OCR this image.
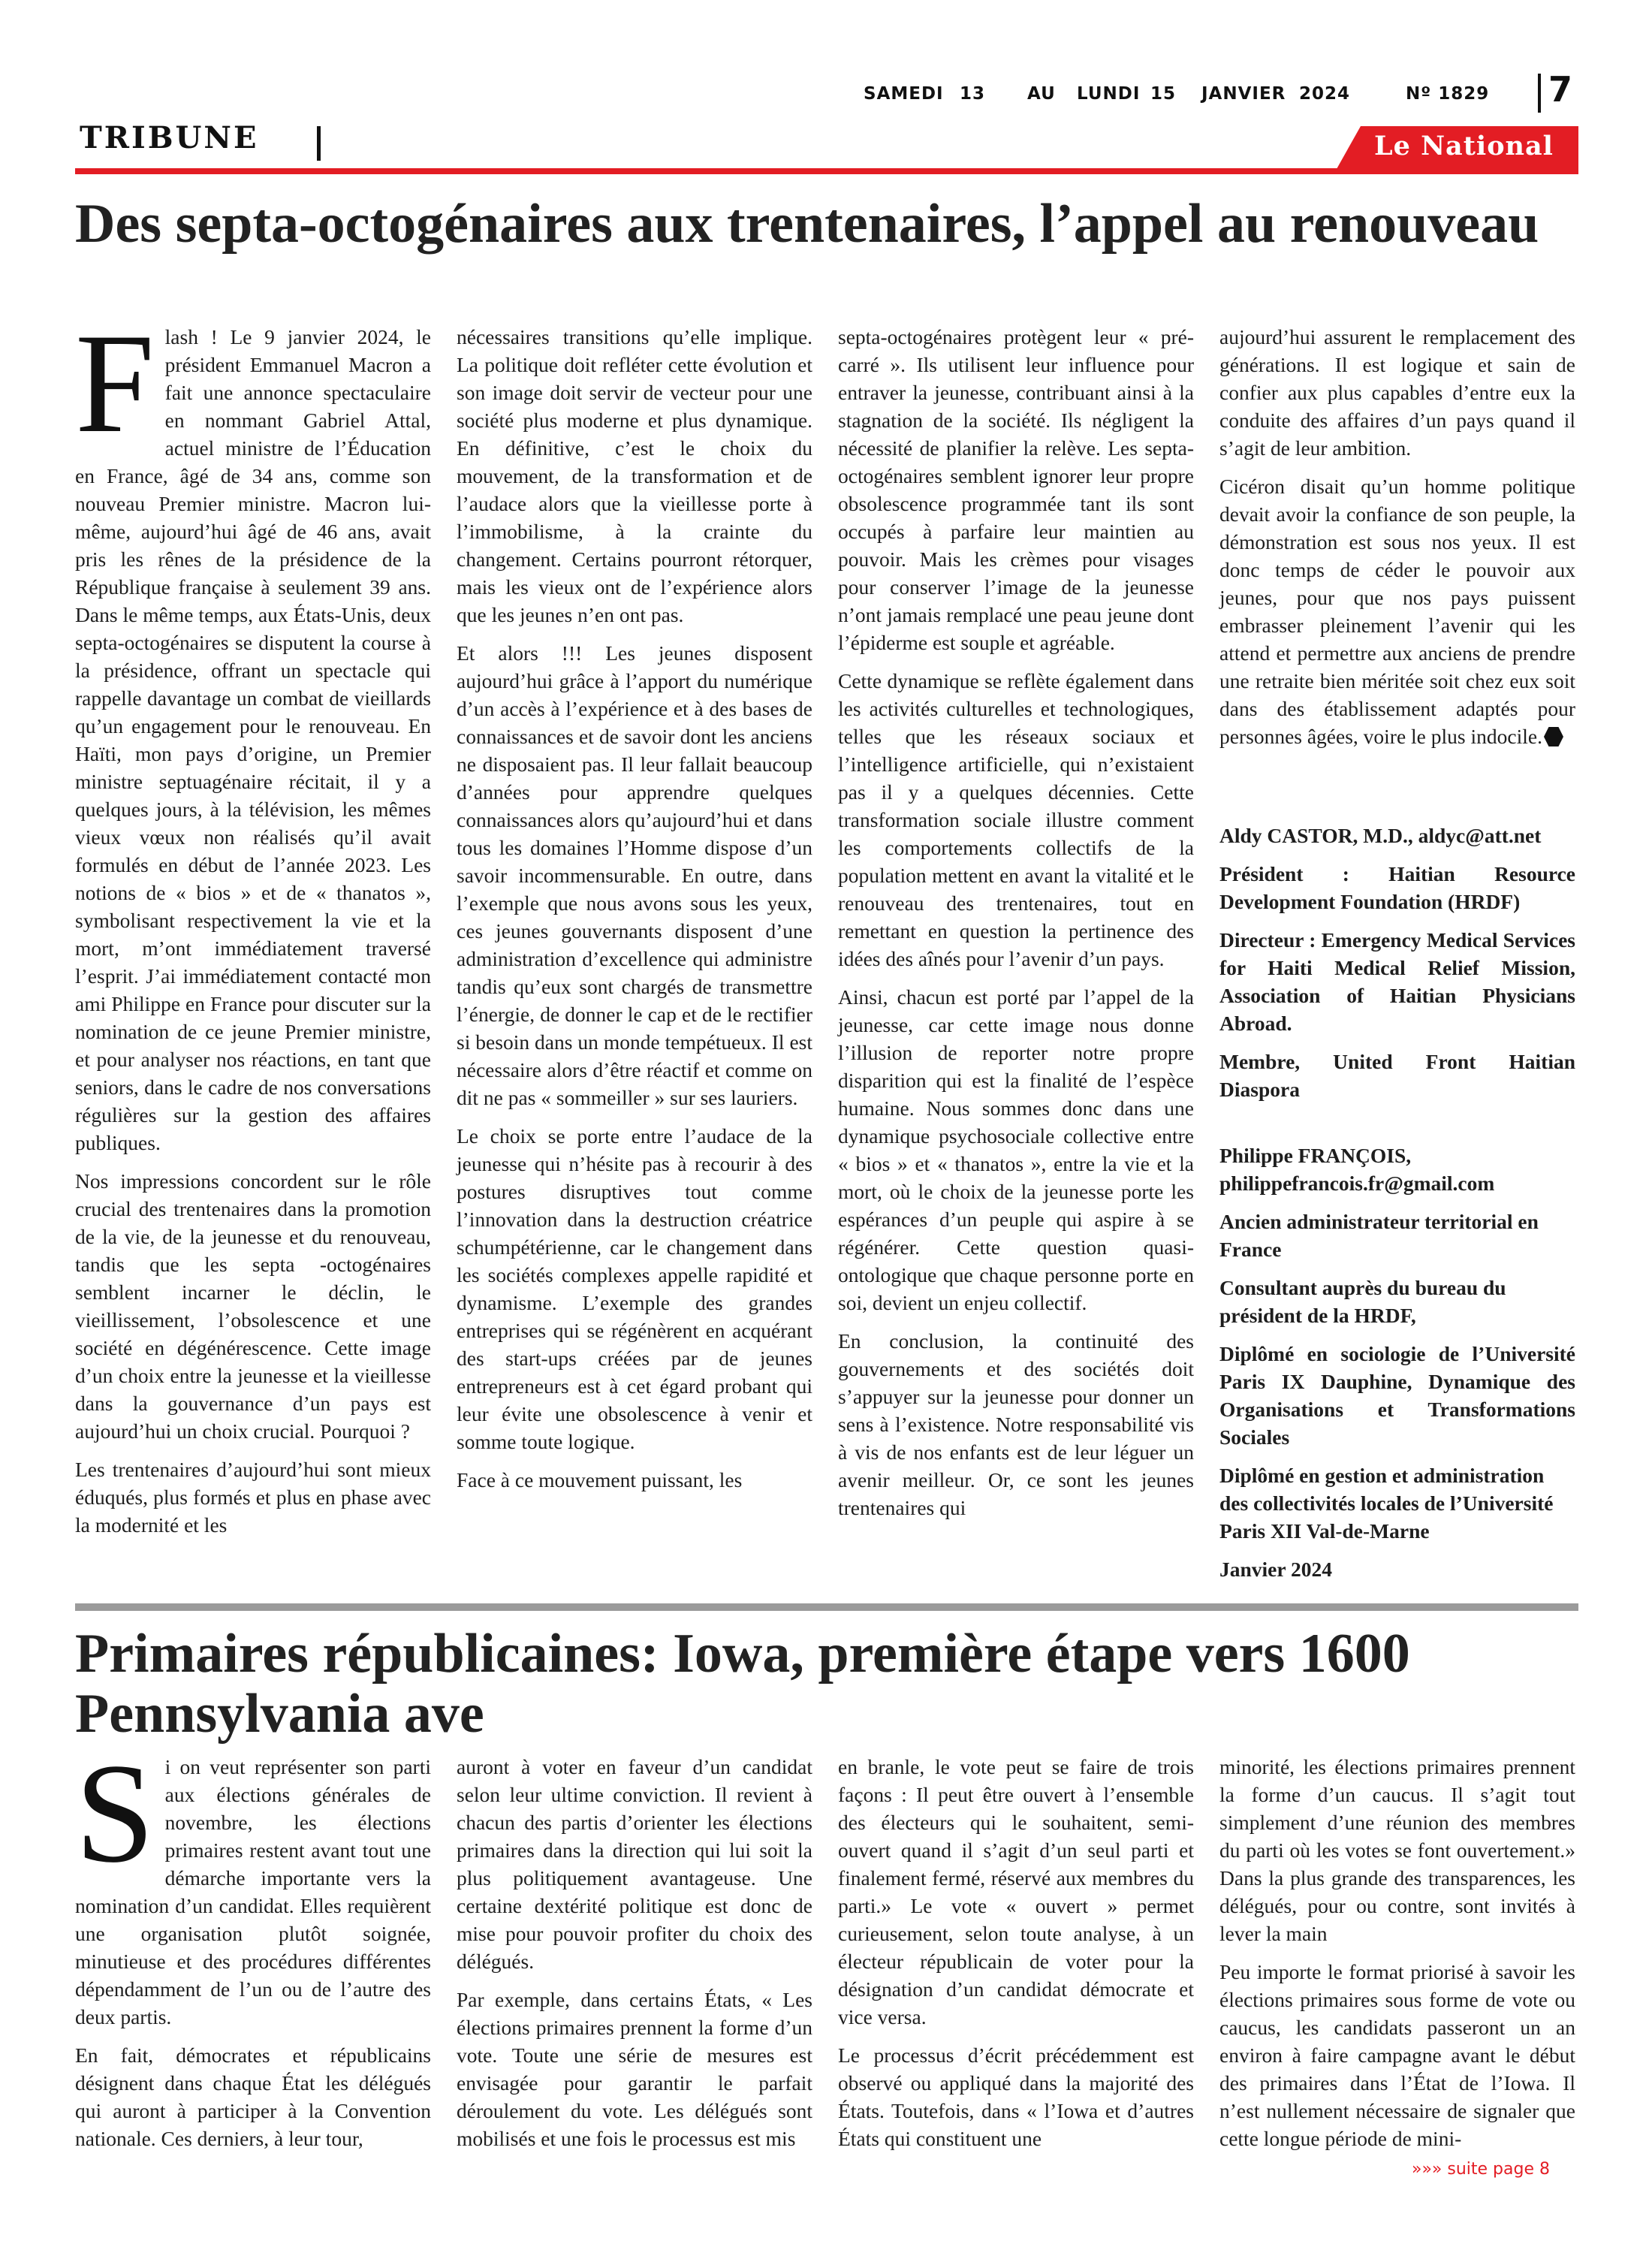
SAMEDI 13 AU LUNDI 15 JANVIER 2024	Nº 1829 7
TRIBUNE	Le National
Des septa-octogénaires aux trentenaires, l’appel au renouveau

Flash ! Le 9 janvier 2024, le président Emmanuel Macron a fait une annonce spectaculaire en nommant Gabriel Attal, actuel ministre de l’Éducation en France, âgé de 34 ans, comme son nouveau Premier ministre. Macron lui-même, aujourd’hui âgé de 46 ans, avait pris les rênes de la présidence de la République française à seulement 39 ans. Dans le même temps, aux États-Unis, deux septa-octogénaires se disputent la course à la présidence, offrant un spectacle qui rappelle davantage un combat de vieillards qu’un engagement pour le renouveau. En Haïti, mon pays d’origine, un Premier ministre septuagénaire récitait, il y a quelques jours, à la télévision, les mêmes vieux vœux non réalisés qu’il avait formulés en début de l’année 2023. Les notions de « bios » et de « thanatos », symbolisant respectivement la vie et la mort, m’ont immédiatement traversé l’esprit. J’ai immédiatement contacté mon ami Philippe en France pour discuter sur la nomination de ce jeune Premier ministre, et pour analyser nos réactions, en tant que seniors, dans le cadre de nos conversations régulières sur la gestion des affaires publiques.

Nos impressions concordent sur le rôle crucial des trentenaires dans la promotion de la vie, de la jeunesse et du renouveau, tandis que les septa -octogénaires semblent incarner le déclin, le vieillissement, l’obsolescence et une société en dégénérescence. Cette image d’un choix entre la jeunesse et la vieillesse dans la gouvernance d’un pays est aujourd’hui un choix crucial. Pourquoi ?

Les trentenaires d’aujourd’hui sont mieux éduqués, plus formés et plus en phase avec la modernité et les

nécessaires transitions qu’elle implique. La politique doit refléter cette évolution et son image doit servir de vecteur pour une société plus moderne et plus dynamique. En définitive, c’est le choix du mouvement, de la transformation et de l’audace alors que la vieillesse porte à l’immobilisme, à la crainte du changement. Certains pourront rétorquer, mais les vieux ont de l’expérience alors que les jeunes n’en ont pas.

Et alors !!! Les jeunes disposent aujourd’hui grâce à l’apport du numérique d’un accès à l’expérience et à des bases de connaissances et de savoir dont les anciens ne disposaient pas. Il leur fallait beaucoup d’années pour apprendre quelques connaissances alors qu’aujourd’hui et dans tous les domaines l’Homme dispose d’un savoir incommensurable. En outre, dans l’exemple que nous avons sous les yeux, ces jeunes gouvernants disposent d’une administration d’excellence qui administre tandis qu’eux sont chargés de transmettre l’énergie, de donner le cap et de le rectifier si besoin dans un monde tempétueux. Il est nécessaire alors d’être réactif et comme on dit ne pas « sommeiller » sur ses lauriers.

Le choix se porte entre l’audace de la jeunesse qui n’hésite pas à recourir à des postures disruptives tout comme l’innovation dans la destruction créatrice schumpétérienne, car le changement dans les sociétés complexes appelle rapidité et dynamisme. L’exemple des grandes entreprises qui se régénèrent en acquérant des start-ups créées par de jeunes entrepreneurs est à cet égard probant qui leur évite une obsolescence à venir et somme toute logique.

Face à ce mouvement puissant, les

septa-octogénaires protègent leur « pré-carré ». Ils utilisent leur influence pour entraver la jeunesse, contribuant ainsi à la stagnation de la société. Ils négligent la nécessité de planifier la relève. Les septa-octogénaires semblent ignorer leur propre obsolescence programmée tant ils sont occupés à parfaire leur maintien au pouvoir. Mais les crèmes pour visages pour conserver l’image de la jeunesse n’ont jamais remplacé une peau jeune dont l’épiderme est souple et agréable.

Cette dynamique se reflète également dans les activités culturelles et technologiques, telles que les réseaux sociaux et l’intelligence artificielle, qui n’existaient pas il y a quelques décennies. Cette transformation sociale illustre comment les comportements collectifs de la population mettent en avant la vitalité et le renouveau des trentenaires, tout en remettant en question la pertinence des idées des aînés pour l’avenir d’un pays.

Ainsi, chacun est porté par l’appel de la jeunesse, car cette image nous donne l’illusion de reporter notre propre disparition qui est la finalité de l’espèce humaine. Nous sommes donc dans une dynamique psychosociale collective entre « bios » et « thanatos », entre la vie et la mort, où le choix de la jeunesse porte les espérances d’un peuple qui aspire à se régénérer. Cette question quasi-ontologique que chaque personne porte en soi, devient un enjeu collectif.

En conclusion, la continuité des gouvernements et des sociétés doit s’appuyer sur la jeunesse pour donner un sens à l’existence. Notre responsabilité vis à vis de nos enfants est de leur léguer un avenir meilleur. Or, ce sont les jeunes trentenaires qui

aujourd’hui assurent le remplacement des générations. Il est logique et sain de confier aux plus capables d’entre eux la conduite des affaires d’un pays quand il s’agit de leur ambition.

Cicéron disait qu’un homme politique devait avoir la confiance de son peuple, la démonstration est sous nos yeux. Il est donc temps de céder le pouvoir aux jeunes, pour que nos pays puissent embrasser pleinement l’avenir qui les attend et permettre aux anciens de prendre une retraite bien méritée soit chez eux soit dans des établissement adaptés pour personnes âgées, voire le plus indocile.

Aldy CASTOR, M.D., aldyc@att.net

Président : Haitian Resource Development Foundation (HRDF)

Directeur : Emergency Medical Services for Haiti Medical Relief Mission, Association of Haitian Physicians Abroad.

Membre, United Front Haitian Diaspora

Philippe FRANÇOIS, philippefrancois.fr@gmail.com

Ancien administrateur territorial en France

Consultant auprès du bureau du président de la HRDF,

Diplômé en sociologie de l’Université Paris IX Dauphine, Dynamique des Organisations et Transformations Sociales

Diplômé en gestion et administration des collectivités locales de l’Université Paris XII Val-de-Marne

Janvier 2024

Primaires républicaines: Iowa, première étape vers 1600 Pennsylvania ave

Si on veut représenter son parti aux élections générales de novembre, les élections primaires restent avant tout une démarche importante vers la nomination d’un candidat. Elles requièrent une organisation plutôt soignée, minutieuse et des procédures différentes dépendamment de l’un ou de l’autre des deux partis.

En fait, démocrates et républicains désignent dans chaque État les délégués qui auront à participer à la Convention nationale. Ces derniers, à leur tour,

auront à voter en faveur d’un candidat selon leur ultime conviction. Il revient à chacun des partis d’orienter les élections primaires dans la direction qui lui soit la plus politiquement avantageuse. Une certaine dextérité politique est donc de mise pour pouvoir profiter du choix des délégués.

Par exemple, dans certains États, « Les élections primaires prennent la forme d’un vote. Toute une série de mesures est envisagée pour garantir le parfait déroulement du vote. Les délégués sont mobilisés et une fois le processus est mis

en branle, le vote peut se faire de trois façons : Il peut être ouvert à l’ensemble des électeurs qui le souhaitent, semi-ouvert quand il s’agit d’un seul parti et finalement fermé, réservé aux membres du parti.» Le vote « ouvert » permet curieusement, selon toute analyse, à un électeur républicain de voter pour la désignation d’un candidat démocrate et vice versa.

Le processus d’écrit précédemment est observé ou appliqué dans la majorité des États. Toutefois, dans « l’Iowa et d’autres États qui constituent une

minorité, les élections primaires prennent la forme d’un caucus. Il s’agit tout simplement d’une réunion des membres du parti où les votes se font ouvertement.» Dans la plus grande des transparences, les délégués, pour ou contre, sont invités à lever la main

Peu importe le format priorisé à savoir les élections primaires sous forme de vote ou caucus, les candidats passeront un an environ à faire campagne avant le début des primaires dans l’État de l’Iowa. Il n’est nullement nécessaire de signaler que cette longue période de mini-

»»» suite page 8
